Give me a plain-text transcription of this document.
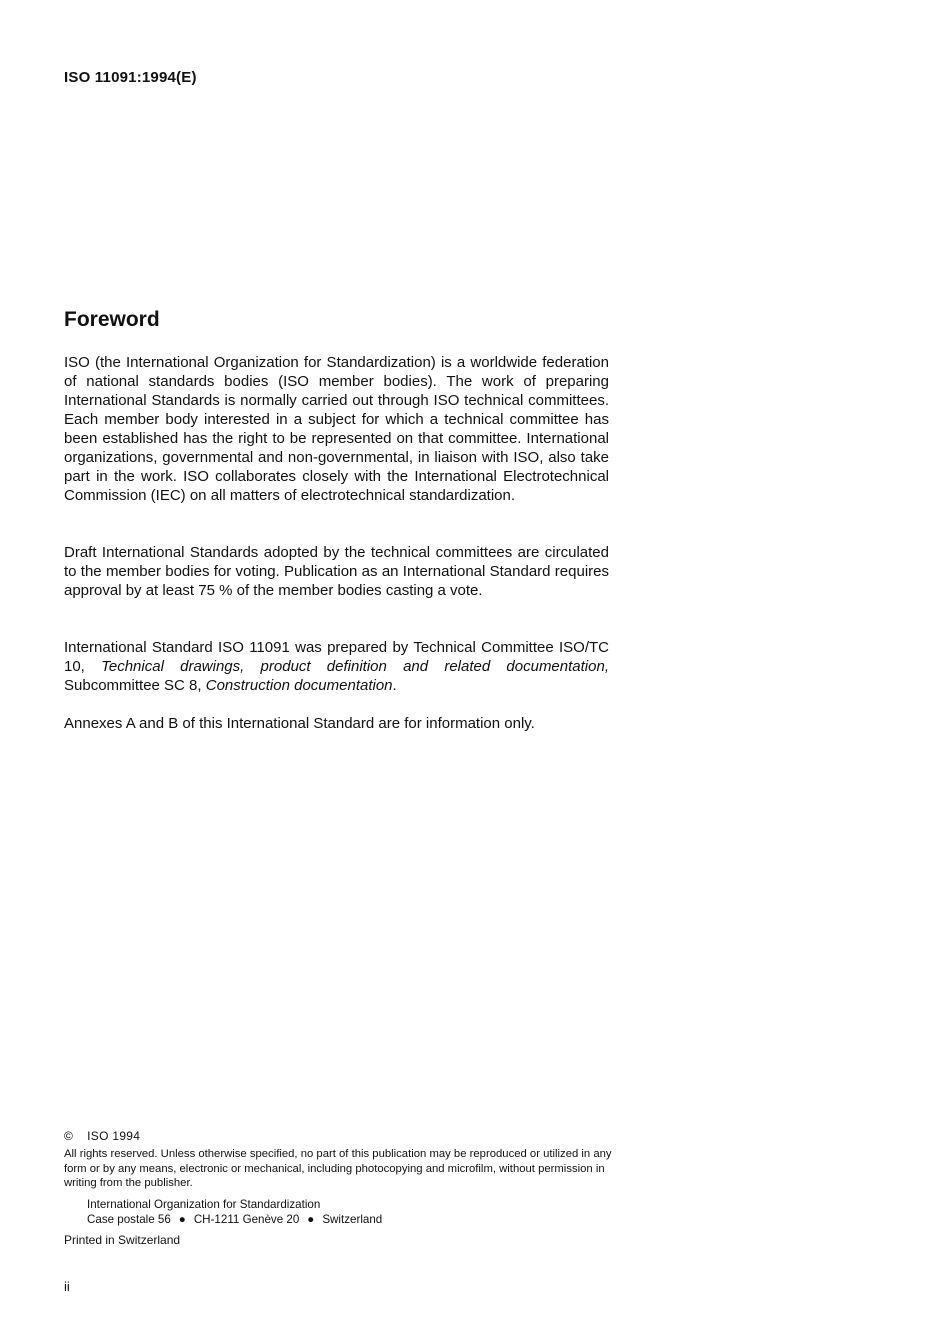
ISO 11091:1994(E)
Foreword

ISO (the International Organization for Standardization) is a worldwide federation of national standards bodies (ISO member bodies). The work of preparing International Standards is normally carried out through ISO technical committees. Each member body interested in a subject for which a technical committee has been established has the right to be represented on that committee. International organizations, governmental and non-governmental, in liaison with ISO, also take part in the work. ISO collaborates closely with the International Electrotechnical Commission (IEC) on all matters of electrotechnical standardization.

Draft International Standards adopted by the technical committees are circulated to the member bodies for voting. Publication as an International Standard requires approval by at least 75 % of the member bodies casting a vote.

International Standard ISO 11091 was prepared by Technical Committee ISO/TC 10, Technical drawings, product definition and related documentation, Subcommittee SC 8, Construction documentation.

Annexes A and B of this International Standard are for information only.

© ISO 1994

All rights reserved. Unless otherwise specified, no part of this publication may be reproduced or utilized in any form or by any means, electronic or mechanical, including photocopying and microfilm, without permission in writing from the publisher.

International Organization for Standardization
Case postale 56 ● CH-1211 Genève 20 ● Switzerland
Printed in Switzerland
ii
